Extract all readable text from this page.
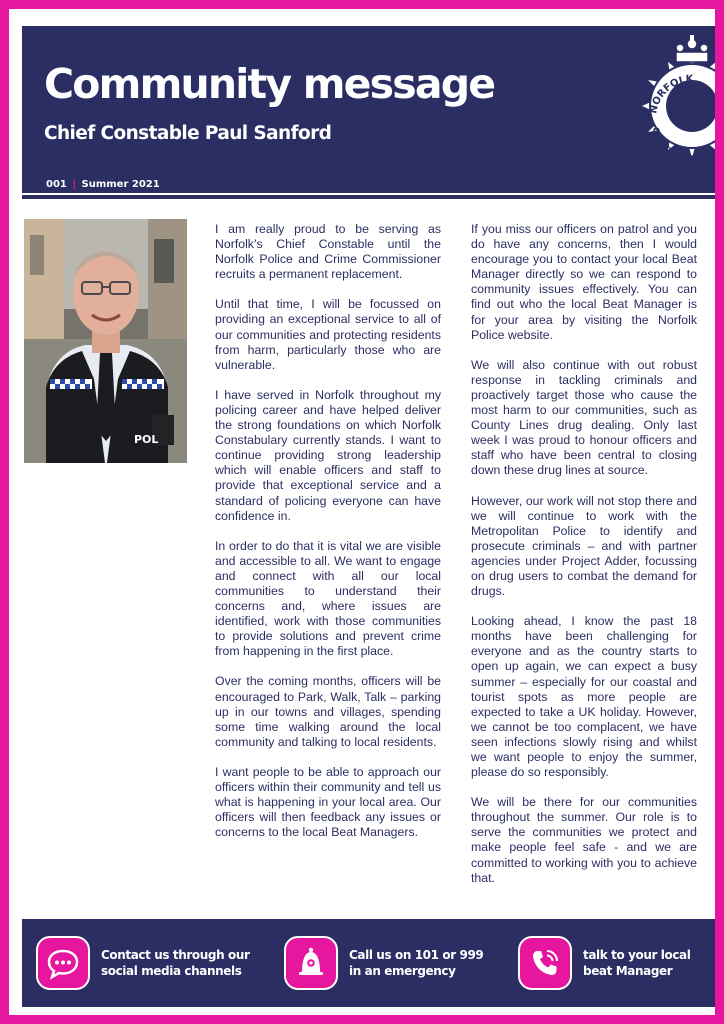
Community message
Chief Constable Paul Sanford
001 | Summer 2021
NORFOLK
CONSTABULARY
POL

I am really proud to be serving as Norfolk’s Chief Constable until the Norfolk Police and Crime Commissioner recruits a permanent replacement.

Until that time, I will be focussed on providing an exceptional service to all of our communities and protecting residents from harm, particularly those who are vulnerable.

I have served in Norfolk throughout my policing career and have helped deliver the strong foundations on which Norfolk Constabulary currently stands. I want to continue providing strong leadership which will enable officers and staff to provide that exceptional service and a standard of policing everyone can have confidence in.

In order to do that it is vital we are visible and accessible to all. We want to engage and connect with all our local communities to understand their concerns and, where issues are identified, work with those communities to provide solutions and prevent crime from happening in the first place.

Over the coming months, officers will be encouraged to Park, Walk, Talk – parking up in our towns and villages, spending some time walking around the local community and talking to local residents.

I want people to be able to approach our officers within their community and tell us what is happening in your local area. Our officers will then feedback any issues or concerns to the local Beat Managers.

If you miss our officers on patrol and you do have any concerns, then I would encourage you to contact your local Beat Manager directly so we can respond to community issues effectively. You can find out who the local Beat Manager is for your area by visiting the Norfolk Police website.

We will also continue with out robust response in tackling criminals and proactively target those who cause the most harm to our communities, such as County Lines drug dealing. Only last week I was proud to honour officers and staff who have been central to closing down these drug lines at source.

However, our work will not stop there and we will continue to work with the Metropolitan Police to identify and prosecute criminals – and with partner agencies under Project Adder, focussing on drug users to combat the demand for drugs.

Looking ahead, I know the past 18 months have been challenging for everyone and as the country starts to open up again, we can expect a busy summer – especially for our coastal and tourist spots as more people are expected to take a UK holiday. However, we cannot be too complacent, we have seen infections slowly rising and whilst we want people to enjoy the summer, please do so responsibly.

We will be there for our communities throughout the summer. Our role is to serve the communities we protect and make people feel safe - and we are committed to working with you to achieve that.

Contact us through our
social media channels
Call us on 101 or 999
in an emergency
talk to your local
beat Manager
